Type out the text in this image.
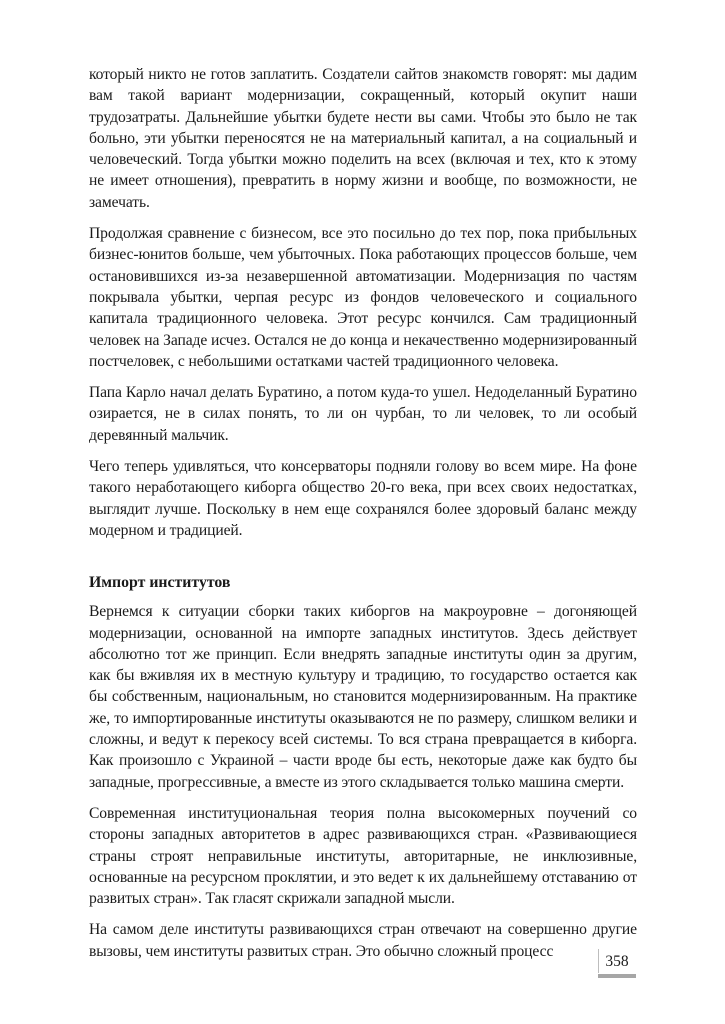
который никто не готов заплатить. Создатели сайтов знакомств говорят: мы дадим вам такой вариант модернизации, сокращенный, который окупит наши трудозатраты. Дальнейшие убытки будете нести вы сами. Чтобы это было не так больно, эти убытки переносятся не на материальный капитал, а на социальный и человеческий. Тогда убытки можно поделить на всех (включая и тех, кто к этому не имеет отношения), превратить в норму жизни и вообще, по возможности, не замечать.

Продолжая сравнение с бизнесом, все это посильно до тех пор, пока прибыльных бизнес-юнитов больше, чем убыточных. Пока работающих процессов больше, чем остановившихся из-за незавершенной автоматизации. Модернизация по частям покрывала убытки, черпая ресурс из фондов человеческого и социального капитала традиционного человека. Этот ресурс кончился. Сам традиционный человек на Западе исчез. Остался не до конца и некачественно модернизированный постчеловек, с небольшими остатками частей традиционного человека.

Папа Карло начал делать Буратино, а потом куда-то ушел. Недоделанный Буратино озирается, не в силах понять, то ли он чурбан, то ли человек, то ли особый деревянный мальчик.

Чего теперь удивляться, что консерваторы подняли голову во всем мире. На фоне такого неработающего киборга общество 20-го века, при всех своих недостатках, выглядит лучше. Поскольку в нем еще сохранялся более здоровый баланс между модерном и традицией.

Импорт институтов

Вернемся к ситуации сборки таких киборгов на макроуровне – догоняющей модернизации, основанной на импорте западных институтов. Здесь действует абсолютно тот же принцип. Если внедрять западные институты один за другим, как бы вживляя их в местную культуру и традицию, то государство остается как бы собственным, национальным, но становится модернизированным. На практике же, то импортированные институты оказываются не по размеру, слишком велики и сложны, и ведут к перекосу всей системы. То вся страна превращается в киборга. Как произошло с Украиной – части вроде бы есть, некоторые даже как будто бы западные, прогрессивные, а вместе из этого складывается только машина смерти.

Современная институциональная теория полна высокомерных поучений со стороны западных авторитетов в адрес развивающихся стран. «Развивающиеся страны строят неправильные институты, авторитарные, не инклюзивные, основанные на ресурсном проклятии, и это ведет к их дальнейшему отставанию от развитых стран». Так гласят скрижали западной мысли.

На самом деле институты развивающихся стран отвечают на совершенно другие вызовы, чем институты развитых стран. Это обычно сложный процесс

358
